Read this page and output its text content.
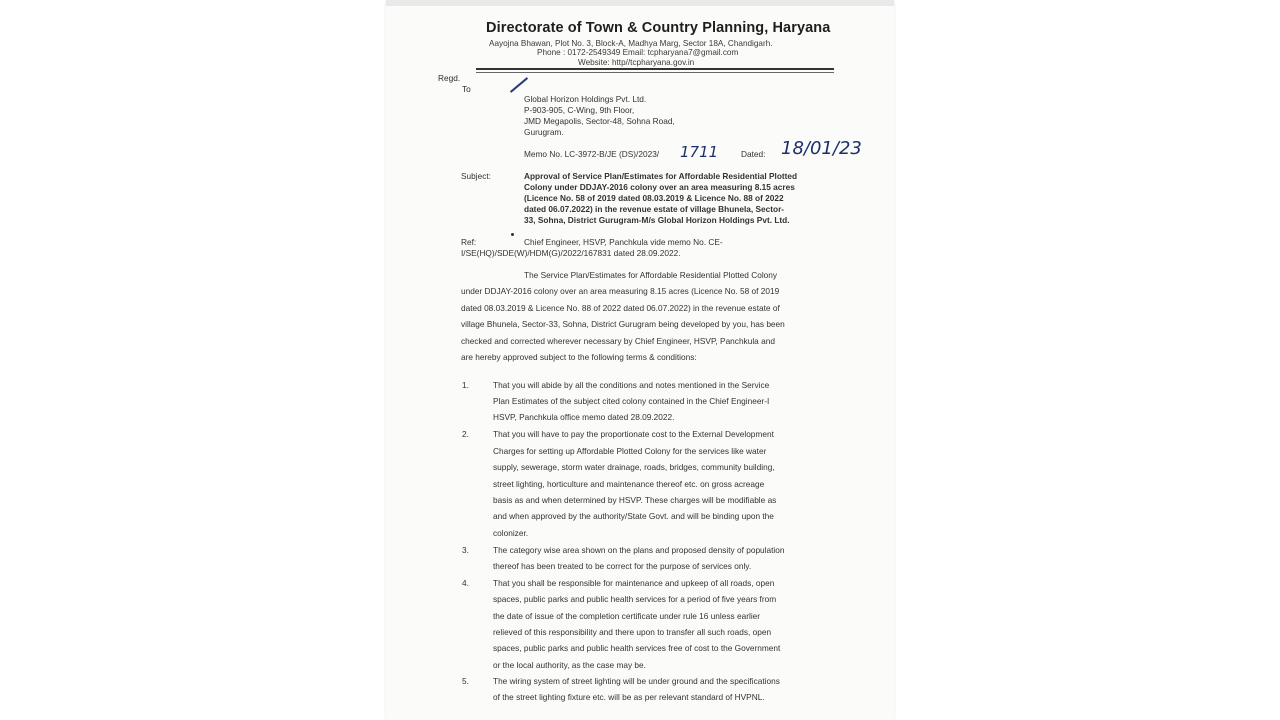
Directorate of Town & Country Planning, Haryana
Aayojna Bhawan, Plot No. 3, Block-A, Madhya Marg, Sector 18A, Chandigarh.
Phone : 0172-2549349 Email: tcpharyana7@gmail.com
Website: http//tcpharyana.gov.in
Regd.
To
Global Horizon Holdings Pvt. Ltd.
P-903-905, C-Wing, 9th Floor,
JMD Megapolis, Sector-48, Sohna Road,
Gurugram.
Memo No. LC-3972-B/JE (DS)/2023/ 1711	Dated: 18/01/23
Subject:	Approval of Service Plan/Estimates for Affordable Residential Plotted
Colony under DDJAY-2016 colony over an area measuring 8.15 acres
(Licence No. 58 of 2019 dated 08.03.2019 & Licence No. 88 of 2022
dated 06.07.2022) in the revenue estate of village Bhunela, Sector-
33, Sohna, District Gurugram-M/s Global Horizon Holdings Pvt. Ltd.
Ref:	Chief Engineer, HSVP, Panchkula vide memo No. CE-
I/SE(HQ)/SDE(W)/HDM(G)/2022/167831 dated 28.09.2022.
The Service Plan/Estimates for Affordable Residential Plotted Colony
under DDJAY-2016 colony over an area measuring 8.15 acres (Licence No. 58 of 2019
dated 08.03.2019 & Licence No. 88 of 2022 dated 06.07.2022) in the revenue estate of
village Bhunela, Sector-33, Sohna, District Gurugram being developed by you, has been
checked and corrected wherever necessary by Chief Engineer, HSVP, Panchkula and
are hereby approved subject to the following terms & conditions:
1.	That you will abide by all the conditions and notes mentioned in the Service
Plan Estimates of the subject cited colony contained in the Chief Engineer-I
HSVP, Panchkula office memo dated 28.09.2022.
2.	That you will have to pay the proportionate cost to the External Development
Charges for setting up Affordable Plotted Colony for the services like water
supply, sewerage, storm water drainage, roads, bridges, community building,
street lighting, horticulture and maintenance thereof etc. on gross acreage
basis as and when determined by HSVP. These charges will be modifiable as
and when approved by the authority/State Govt. and will be binding upon the
colonizer.
3.	The category wise area shown on the plans and proposed density of population
thereof has been treated to be correct for the purpose of services only.
4.	That you shall be responsible for maintenance and upkeep of all roads, open
spaces, public parks and public health services for a period of five years from
the date of issue of the completion certificate under rule 16 unless earlier
relieved of this responsibility and there upon to transfer all such roads, open
spaces, public parks and public health services free of cost to the Government
or the local authority, as the case may be.
5.	The wiring system of street lighting will be under ground and the specifications
of the street lighting fixture etc. will be as per relevant standard of HVPNL.
